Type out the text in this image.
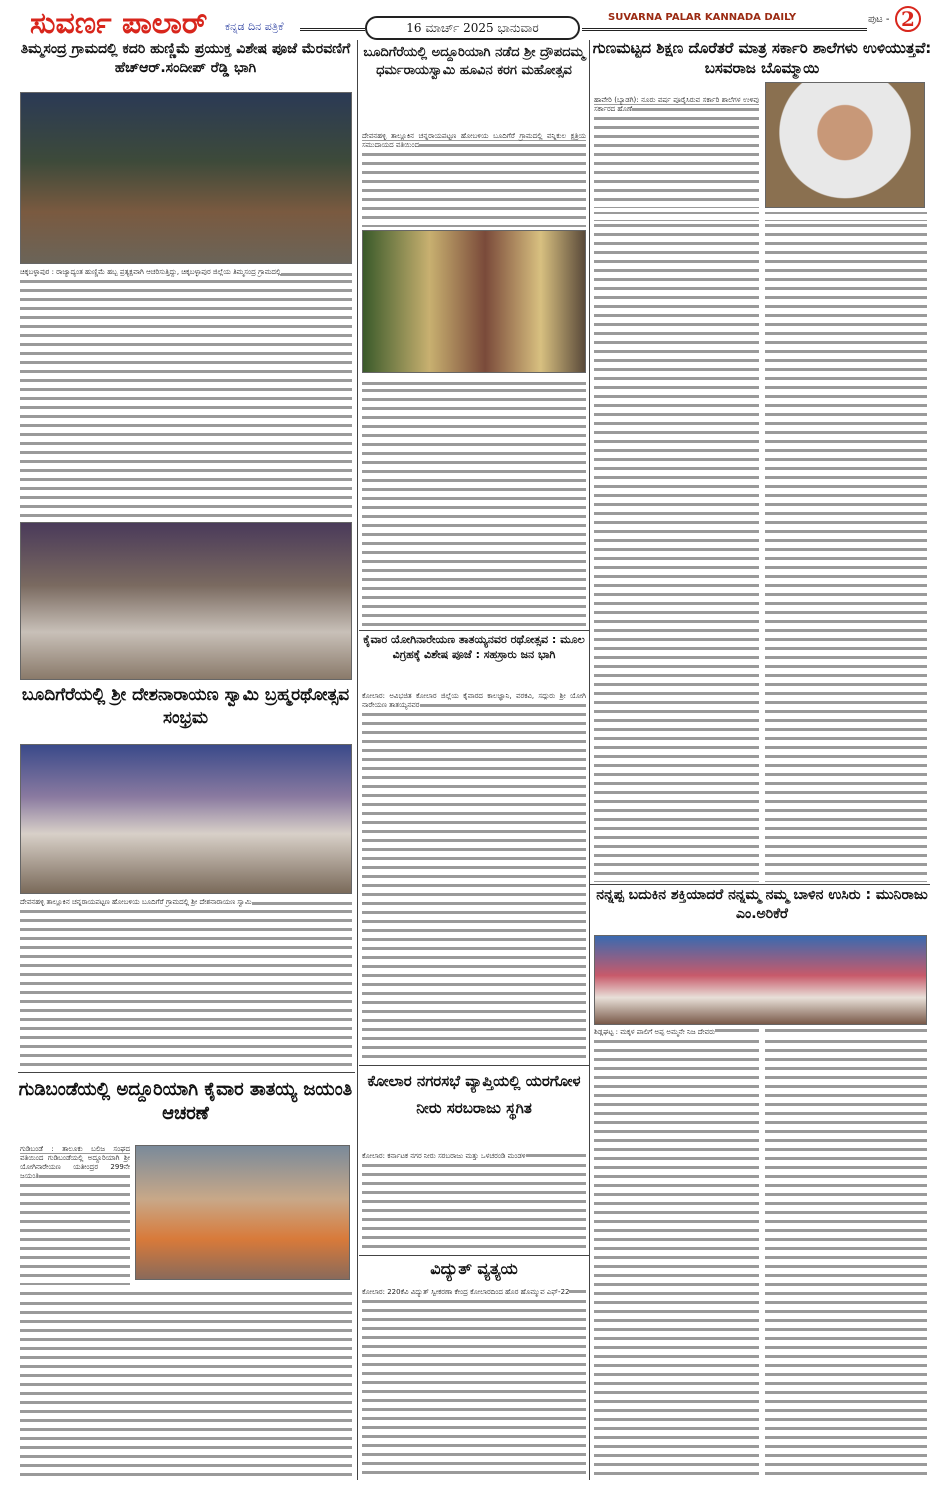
ಸುವರ್ಣ ಪಾಲಾರ್ ಕನ್ನಡ ದಿನ ಪತ್ರಿಕೆ	16 ಮಾರ್ಚ್ 2025 ಭಾನುವಾರ
SUVARNA PALAR KANNADA DAILY	ಪುಟ - 2
ತಿಮ್ಮಸಂದ್ರ ಗ್ರಾಮದಲ್ಲಿ ಕದರಿ ಹುಣ್ಣಿಮೆ ಪ್ರಯುಕ್ತ ವಿಶೇಷ ಪೂಜೆ ಮೆರವಣಿಗೆ ಹೆಚ್‌ಆರ್.ಸಂದೀಪ್ ರೆಡ್ಡಿ ಭಾಗಿ
ಚಿಕ್ಕಬಳ್ಳಾಪುರ : ರಾಜ್ಯಾದ್ಯಂತ ಹುಣ್ಣಿಮೆ ಹಬ್ಬ ಪ್ರತ್ಯಕ್ಷವಾಗಿ ಆಚರಿಸುತ್ತಿದ್ದು, ಚಿಕ್ಕಬಳ್ಳಾಪುರ ಜಿಲ್ಲೆಯ ತಿಮ್ಮಸಂದ್ರ ಗ್ರಾಮದಲ್ಲಿ
ಬೂದಿಗೆರೆಯಲ್ಲಿ ಶ್ರೀ ದೇಶನಾರಾಯಣ ಸ್ವಾಮಿ ಬ್ರಹ್ಮರಥೋತ್ಸವ ಸಂಭ್ರಮ
ದೇವನಹಳ್ಳಿ ತಾಲ್ಲೂಕಿನ ಚನ್ನರಾಯಪಟ್ಟಣ ಹೋಬಳಿಯ ಬೂದಿಗೆರೆ ಗ್ರಾಮದಲ್ಲಿ ಶ್ರೀ ದೇಶನಾರಾಯಣ ಸ್ವಾಮಿ
ಗುಡಿಬಂಡೆಯಲ್ಲಿ ಅದ್ದೂರಿಯಾಗಿ ಕೈವಾರ ತಾತಯ್ಯ ಜಯಂತಿ ಆಚರಣೆ
ಗುಡಿಬಂಡೆ : ತಾಲೂಕು ಬಲಿಜ ಸಂಘದ ವತಿಯಿಂದ ಗುಡಿಬಂಡೆಯಲ್ಲಿ ಅದ್ದೂರಿಯಾಗಿ ಶ್ರೀ ಯೋಗಿನಾರೇಯಣ ಯತೀಂದ್ರರ 299ನೇ ಜಯಂತಿ
ಬೂದಿಗೆರೆಯಲ್ಲಿ ಅದ್ದೂರಿಯಾಗಿ ನಡೆದ ಶ್ರೀ ದ್ರೌಪದಮ್ಮ ಧರ್ಮರಾಯಸ್ವಾಮಿ ಹೂವಿನ ಕರಗ ಮಹೋತ್ಸವ
ದೇವನಹಳ್ಳಿ ತಾಲ್ಲೂಕಿನ ಚನ್ನರಾಯಪಟ್ಟಣ ಹೋಬಳಿಯ ಬೂದಿಗೆರೆ ಗ್ರಾಮದಲ್ಲಿ ವನ್ನಿಕುಲ ಕ್ಷತ್ರಿಯ ಸಮುದಾಯದ ವತಿಯಿಂದ
ಕೈವಾರ ಯೋಗಿನಾರೇಯಣ ತಾತಯ್ಯನವರ ರಥೋತ್ಸವ : ಮೂಲ ವಿಗ್ರಹಕ್ಕೆ ವಿಶೇಷ ಪೂಜೆ : ಸಹಸ್ರಾರು ಜನ ಭಾಗಿ
ಕೋಲಾರ: ಅವಿಭಜಿತ ಕೋಲಾರ ಜಿಲ್ಲೆಯ ಕೈವಾರದ ಕಾಲಜ್ಞಾನಿ, ವರಕವಿ, ಸದ್ಗುರು ಶ್ರೀ ಯೋಗಿ ನಾರೇಯಣ ತಾತಯ್ಯನವರ
ಕೋಲಾರ ನಗರಸಭೆ ವ್ಯಾಪ್ತಿಯಲ್ಲಿ ಯರಗೋಳ ನೀರು ಸರಬರಾಜು ಸ್ಥಗಿತ
ಕೋಲಾರ: ಕರ್ನಾಟಕ ನಗರ ನೀರು ಸರಬರಾಜು ಮತ್ತು ಒಳಚರಂಡಿ ಮಂಡಳಿ
ವಿದ್ಯುತ್ ವ್ಯತ್ಯಯ
ಕೋಲಾರ: 220ಕೆವಿ ವಿದ್ಯುತ್ ಸ್ವೀಕರಣಾ ಕೇಂದ್ರ ಕೋಲಾರದಿಂದ ಹೊರ ಹೊಮ್ಮುವ ಎಫ್-22
ಗುಣಮಟ್ಟದ ಶಿಕ್ಷಣ ದೊರೆತರೆ ಮಾತ್ರ ಸರ್ಕಾರಿ ಶಾಲೆಗಳು ಉಳಿಯುತ್ತವೆ: ಬಸವರಾಜ ಬೊಮ್ಮಾಯಿ
ಹಾವೇರಿ (ಬ್ಯಾಡಗಿ): ನೂರು ವರ್ಷ ಪೂರೈಸಿರುವ ಸರ್ಕಾರಿ ಶಾಲೆಗಳ ಉಳಿವು ಸರ್ಕಾರದ ಹೊಣೆ
ನನ್ನಪ್ಪ ಬದುಕಿನ ಶಕ್ತಿಯಾದರೆ ನನ್ನಮ್ಮ ನಮ್ಮ ಬಾಳಿನ ಉಸಿರು : ಮುನಿರಾಜು ಎಂ.ಅರಿಕೆರೆ
ಶಿಡ್ಲಘಟ್ಟ : ಮಕ್ಕಳ ಪಾಲಿಗೆ ಅಪ್ಪ ಅಮ್ಮನೇ ನಿಜ ದೇವರು
